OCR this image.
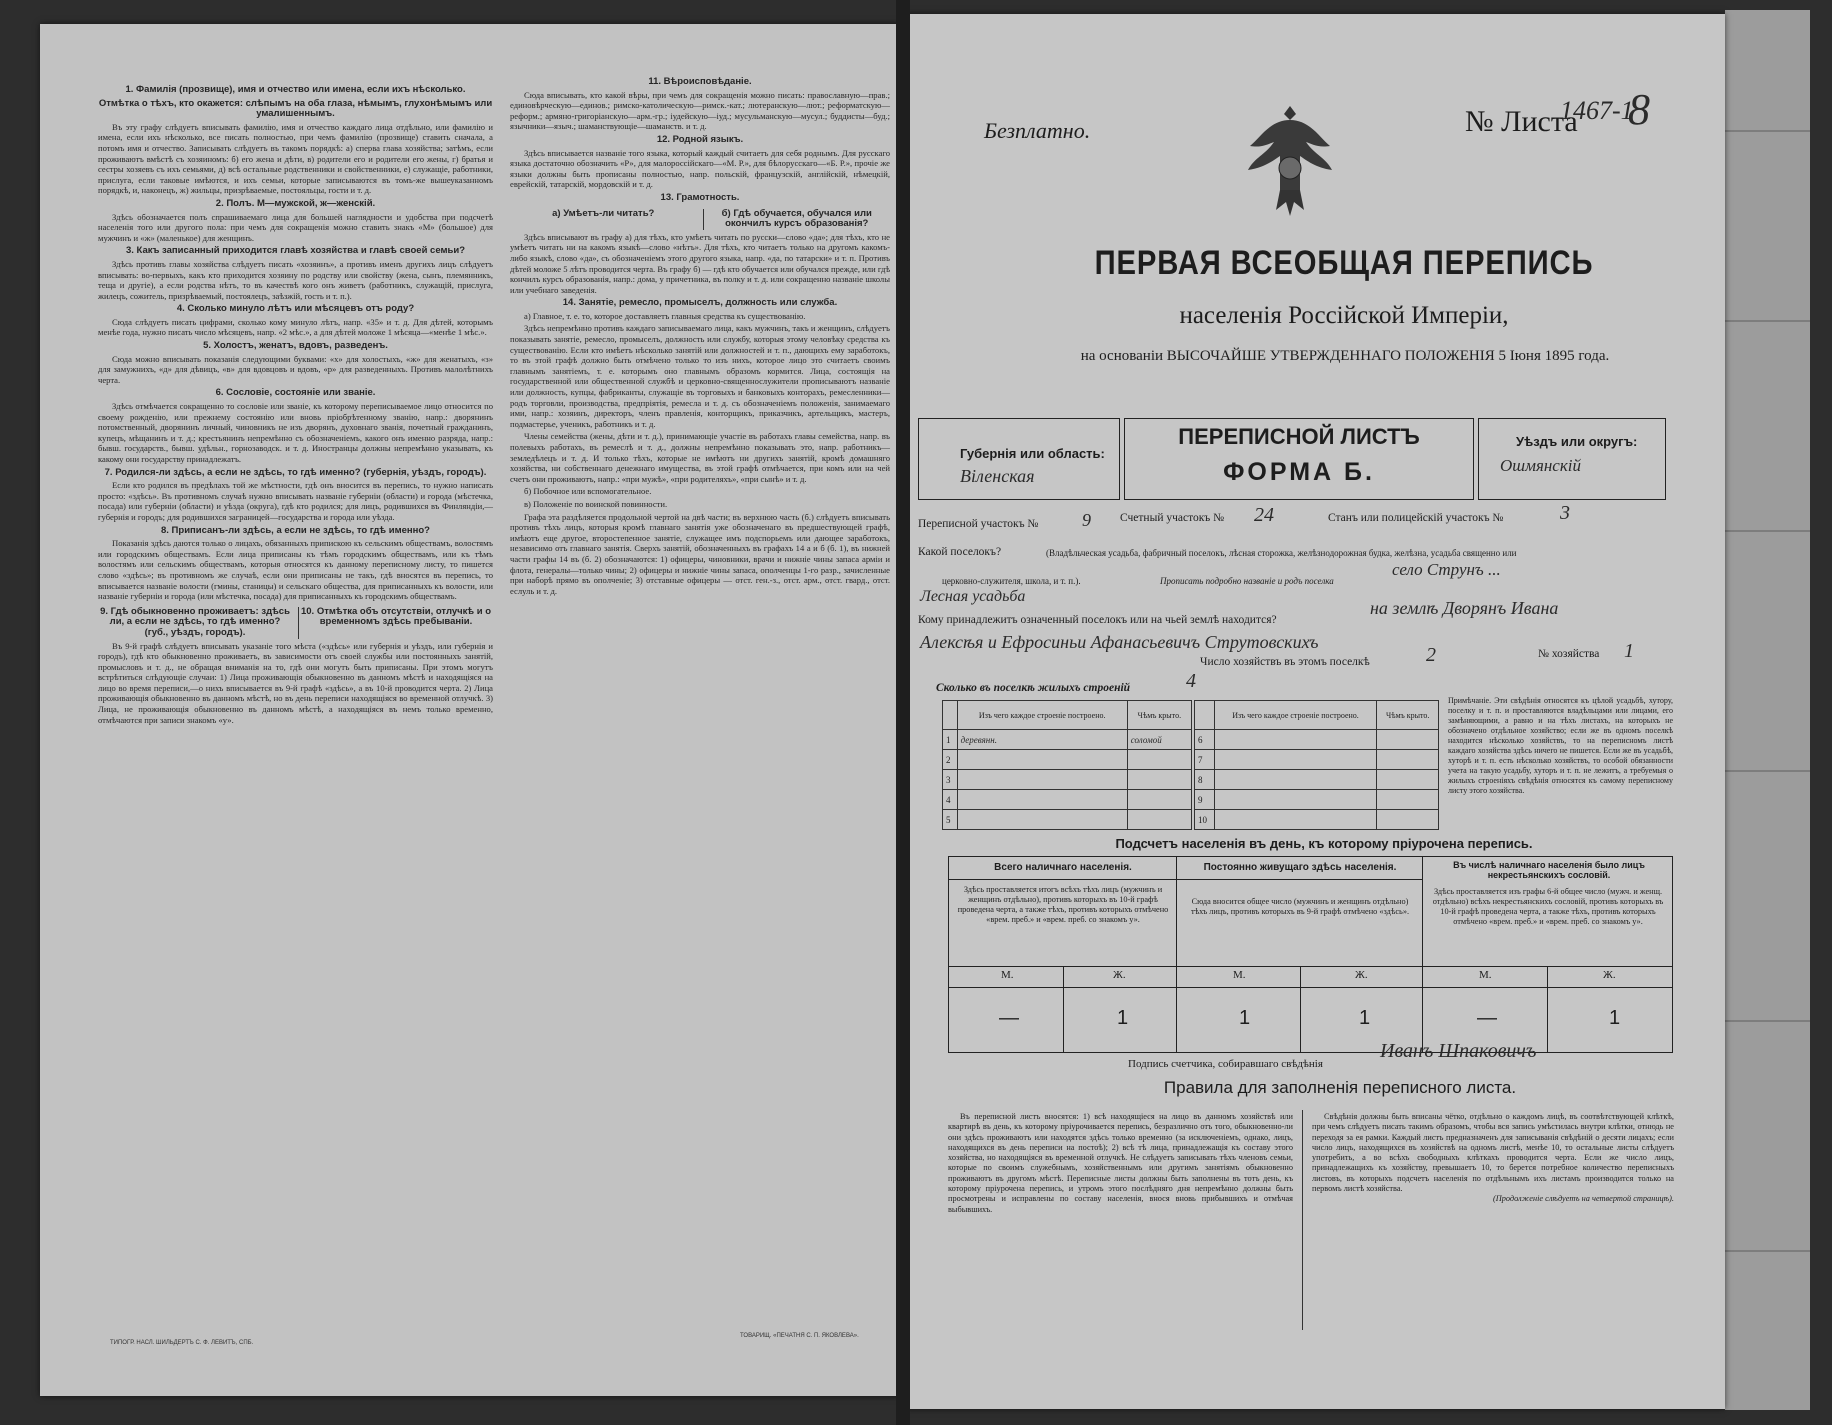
1. Фамилія (прозвище), имя и отчество или имена, если ихъ нѣсколько.
Отмѣтка о тѣхъ, кто окажется: слѣпымъ на оба глаза, нѣмымъ, глухонѣмымъ или умалишеннымъ.

Въ эту графу слѣдуетъ вписывать фамилію, имя и отчество каждаго лица отдѣльно, или фамилію и имена, если ихъ нѣсколько, все писать полностью, при чемъ фамилію (прозвище) ставить сначала, а потомъ имя и отчество. Записывать слѣдуетъ въ такомъ порядкѣ: а) сперва глава хозяйства; затѣмъ, если проживаютъ вмѣстѣ съ хозяиномъ: б) его жена и дѣти, в) родители его и родители его жены, г) братья и сестры хозяевъ съ ихъ семьями, д) всѣ остальные родственники и свойственники, е) служащіе, работники, прислуга, если таковые имѣются, и ихъ семьи, которые записываются въ томъ-же вышеуказанномъ порядкѣ, и, наконецъ, ж) жильцы, призрѣваемые, постояльцы, гости и т. д.

2. Полъ. М—мужской, ж—женскій.

Здѣсь обозначается полъ спрашиваемаго лица для большей наглядности и удобства при подсчетѣ населенія того или другого пола: при чемъ для сокращенія можно ставить знакъ «М» (большое) для мужчинъ и «ж» (маленькое) для женщинъ.

3. Какъ записанный приходится главѣ хозяйства и главѣ своей семьи?

Здѣсь противъ главы хозяйства слѣдуетъ писать «хозяинъ», а противъ именъ другихъ лицъ слѣдуетъ вписывать: во-первыхъ, какъ кто приходится хозяину по родству или свойству (жена, сынъ, племянникъ, теща и другіе), а если родства нѣтъ, то въ качествѣ кого онъ живетъ (работникъ, служащій, прислуга, жилецъ, сожитель, призрѣваемый, постоялецъ, заѣзжій, гость и т. п.).

4. Сколько минуло лѣтъ или мѣсяцевъ отъ роду?

Сюда слѣдуетъ писать цифрами, сколько кому минуло лѣтъ, напр. «35» и т. д. Для дѣтей, которымъ менѣе года, нужно писать число мѣсяцевъ, напр. «2 мѣс.», а для дѣтей моложе 1 мѣсяца—«менѣе 1 мѣс.».

5. Холостъ, женатъ, вдовъ, разведенъ.

Сюда можно вписывать показанія следующими буквами: «х» для холостыхъ, «ж» для женатыхъ, «з» для замужнихъ, «д» для дѣвицъ, «в» для вдовцовъ и вдовъ, «р» для разведенныхъ. Противъ малолѣтнихъ черта.

6. Сословіе, состояніе или званіе.

Здѣсь отмѣчается сокращенно то сословіе или званіе, къ которому переписываемое лицо относится по своему рожденію, или прежнему состоянію или вновь пріобрѣтенному званію, напр.: дворянинъ потомственный, дворянинъ личный, чиновникъ не изъ дворянъ, духовнаго званія, почетный гражданинъ, купецъ, мѣщанинъ и т. д.; крестьянинъ непремѣнно съ обозначеніемъ, какого онъ именно разряда, напр.: бывш. государств., бывш. удѣльн., горнозаводск. и т. д. Иностранцы должны непремѣнно указывать, къ какому они государству принадлежатъ.

7. Родился-ли здѣсь, а если не здѣсь, то гдѣ именно? (губернія, уѣздъ, городъ).

Если кто родился въ предѣлахъ той же мѣстности, гдѣ онъ вносится въ перепись, то нужно написать просто: «здѣсь». Въ противномъ случаѣ нужно вписывать названіе губерніи (области) и города (мѣстечка, посада) или губерніи (области) и уѣзда (округа), гдѣ кто родился; для лицъ, родившихся въ Финляндіи,—губернія и городъ; для родившихся заграницей—государства и города или уѣзда.

8. Приписанъ-ли здѣсь, а если не здѣсь, то гдѣ именно?

Показанія здѣсь даются только о лицахъ, обязанныхъ припискою къ сельскимъ обществамъ, волостямъ или городскимъ обществамъ. Если лица приписаны къ тѣмъ городскимъ обществамъ, или къ тѣмъ волостямъ или сельскимъ обществамъ, которыя относятся къ данному переписному листу, то пишется слово «здѣсь»; въ противномъ же случаѣ, если они приписаны не такъ, гдѣ вносятся въ перепись, то вписывается названіе волости (гмины, станицы) и сельскаго общества, для приписанныхъ къ волости, или названіе губерніи и города (или мѣстечка, посада) для приписанныхъ къ городскимъ обществамъ.

9. Гдѣ обыкновенно проживаетъ: здѣсь ли, а если не здѣсь, то гдѣ именно? (губ., уѣздъ, городъ).
10. Отмѣтка объ отсутствіи, отлучкѣ и о временномъ здѣсь пребываніи.

Въ 9-й графѣ слѣдуетъ вписывать указаніе того мѣста («здѣсь» или губернія и уѣздъ, или губернія и городъ), гдѣ кто обыкновенно проживаетъ, въ зависимости отъ своей службы или постоянныхъ занятій, промысловъ и т. д., не обращая вниманія на то, гдѣ они могутъ быть приписаны. При этомъ могутъ встрѣтиться слѣдующіе случаи: 1) Лица проживающія обыкновенно въ данномъ мѣстѣ и находящіяся на лицо во время переписи,—о нихъ вписывается въ 9-й графѣ «здѣсь», а въ 10-й проводится черта. 2) Лица проживающія обыкновенно въ данномъ мѣстѣ, но въ день переписи находящіяся во временной отлучкѣ. 3) Лица, не проживающія обыкновенно въ данномъ мѣстѣ, а находящіяся въ немъ только временно, отмѣчаются при записи знакомъ «у».

ТИПОГР. НАСЛ. ШИЛЬДЕРТЪ С. Ф. ЛЕВИТЪ, СПБ.
11. Вѣроисповѣданіе.

Сюда вписывать, кто какой вѣры, при чемъ для сокращенія можно писать: православную—прав.; единовѣрческую—единов.; римско-католическую—римск.-кат.; лютеранскую—лют.; реформатскую—реформ.; армяно-григоріанскую—арм.-гр.; іудейскую—іуд.; мусульманскую—мусул.; буддисты—буд.; язычники—языч.; шаманствующіе—шаманств. и т. д.

12. Родной языкъ.

Здѣсь вписывается названіе того языка, который каждый считаетъ для себя роднымъ. Для русскаго языка достаточно обозначить «Р», для малороссійскаго—«М. Р.», для бѣлорусскаго—«Б. Р.», прочіе же языки должны быть прописаны полностью, напр. польскій, французскій, англійскій, нѣмецкій, еврейскій, татарскій, мордовскій и т. д.

13. Грамотность.
а) Умѣетъ-ли читать?	б) Гдѣ обучается, обучался или окончилъ курсъ образованія?

Здѣсь вписывают въ графу а) для тѣхъ, кто умѣетъ читать по русски—слово «да»; для тѣхъ, кто не умѣетъ читать ни на какомъ языкѣ—слово «нѣтъ». Для тѣхъ, кто читаетъ только на другомъ какомъ-либо языкѣ, слово «да», съ обозначеніемъ этого другого языка, напр. «да, по татарски» и т. п. Противъ дѣтей моложе 5 лѣтъ проводится черта. Въ графу б) — гдѣ кто обучается или обучался прежде, или гдѣ кончилъ курсъ образованія, напр.: дома, у причетника, въ полку и т. д. или сокращенно названіе школы или учебнаго заведенія.

14. Занятіе, ремесло, промыселъ, должность или служба.

а) Главное, т. е. то, которое доставляетъ главныя средства къ существованію.

Здѣсь непремѣнно противъ каждаго записываемаго лица, какъ мужчинъ, такъ и женщинъ, слѣдуетъ показывать занятіе, ремесло, промыселъ, должность или службу, которыя этому человѣку средства къ существованію. Если кто имѣетъ нѣсколько занятій или должностей и т. п., дающихъ ему заработокъ, то въ этой графѣ должно быть отмѣчено только то изъ нихъ, которое лицо это считаетъ своимъ главнымъ занятіемъ, т. е. которымъ оно главнымъ образомъ кормится. Лица, состоящія на государственной или общественной службѣ и церковно-священнослужители прописываютъ названіе или должность, купцы, фабриканты, служащіе въ торговыхъ и банковыхъ конторахъ, ремесленники—родъ торговли, производства, предпріятія, ремесла и т. д. съ обозначеніемъ положенія, занимаемаго ими, напр.: хозяинъ, директоръ, членъ правленія, конторщикъ, приказчикъ, артельщикъ, мастеръ, подмастерье, ученикъ, работникъ и т. д.

Члены семейства (жены, дѣти и т. д.), принимающіе участіе въ работахъ главы семейства, напр. въ полевыхъ работахъ, въ ремеслѣ и т. д., должны непремѣнно показывать это, напр. работникъ—земледѣлецъ и т. д. И только тѣхъ, которые не имѣютъ ни другихъ занятій, кромѣ домашняго хозяйства, ни собственнаго денежнаго имущества, въ этой графѣ отмѣчается, при комъ или на чей счетъ они проживаютъ, напр.: «при мужѣ», «при родителяхъ», «при сынѣ» и т. д.

б) Побочное или вспомогательное.

в) Положеніе по воинской повинности.

Графа эта раздѣляется продольной чертой на двѣ части; въ верхнюю часть (б.) слѣдуетъ вписывать противъ тѣхъ лицъ, которыя кромѣ главнаго занятія уже обозначенаго въ предшествующей графѣ, имѣютъ еще другое, второстепенное занятіе, служащее имъ подспорьемъ или дающее заработокъ, независимо отъ главнаго занятія. Сверхъ занятій, обозначенныхъ въ графахъ 14 а и б (б. 1), въ нижней части графы 14 въ (б. 2) обозначаются: 1) офицеры, чиновники, врачи и нижніе чины запаса арміи и флота, генералы—только чины; 2) офицеры и нижніе чины запаса, ополченцы 1-го разр., зачисленные при наборѣ прямо въ ополченіе; 3) отставные офицеры — отст. ген.-з., отст. арм., отст. гвард., отст. еслуль и т. д.

ТОВАРИЩ. «ПЕЧАТНЯ С. П. ЯКОВЛЕВА».
Безплатно.	№ Листа
1467-1
8
ПЕРВАЯ ВСЕОБЩАЯ ПЕРЕПИСЬ
населенія Россійской Имперіи,
на основаніи ВЫСОЧАЙШЕ УТВЕРЖДЕННАГО ПОЛОЖЕНІЯ 5 Іюня 1895 года.
Губернія или область:
Віленская
ПЕРЕПИСНОЙ ЛИСТЪ
ФОРМА Б.
Уѣздъ или округъ:
Ошмянскій
Переписной участокъ № 9	Счетный участокъ № 24	Станъ или полицейскій участокъ №	3
Какой поселокъ?	(Владѣльческая усадьба, фабричный поселокъ, лѣсная сторожка, желѣзнодорожная будка, желѣзна, усадьба священно или
церковно-служителя, школа, и т. п.).	Прописать подробно названіе и родъ поселка
село Струнъ ...
Лесная усадьба
Кому принадлежитъ означенный поселокъ или на чьей землѣ находится?
на землѣ Дворянъ Ивана
Алексѣя и Ефросиньи Афанасьевичъ Струтовскихъ
Число хозяйствъ въ этомъ поселкѣ	2	№ хозяйства 1
Сколько въ поселкѣ жилыхъ строеній	4
	Изъ чего каждое строеніе построено.	Чѣмъ крыто.
1	деревянн.	соломой
2		
3		
4		
5		
	Изъ чего каждое строеніе построено.	Чѣмъ крыто.
6		
7		
8		
9		
10		
Примѣчаніе. Эти свѣдѣнія относятся къ цѣлой усадьбѣ, хутору, поселку и т. п. и проставляются владѣльцами или лицами, его замѣняющими, а равно и на тѣхъ листахъ, на которыхъ не обозначено отдѣльное хозяйство; если же въ одномъ поселкѣ находится нѣсколько хозяйствъ, то на переписномъ листѣ каждаго хозяйства здѣсь ничего не пишется. Если же въ усадьбѣ, хуторѣ и т. п. есть нѣсколько хозяйствъ, то особой обязанности учета на такую усадьбу, хуторъ и т. п. не лежитъ, а требуемыя о жилыхъ строеніяхъ свѣдѣнія относятся къ самому переписному листу этого хозяйства.
Подсчетъ населенія въ день, къ которому пріурочена перепись.
Всего наличнаго населенія.	Постоянно живущаго здѣсь населенія.	Въ числѣ наличнаго населенія было лицъ некрестьянскихъ сословій.
Здѣсь проставляется итогъ всѣхъ тѣхъ лицъ (мужчинъ и женщинъ отдѣльно), противъ которыхъ въ 10-й графѣ проведена черта, а также тѣхъ, противъ которыхъ отмѣчено «врем. преб.» и «врем. преб. со знакомъ у».
Сюда вносится общее число (мужчинъ и женщинъ отдѣльно) тѣхъ лицъ, противъ которыхъ въ 9-й графѣ отмѣчено «здѣсь».
Здѣсь проставляется изъ графы 6-й общее число (мужч. и женщ. отдѣльно) всѣхъ некрестьянскихъ сословій, противъ которыхъ въ 10-й графѣ проведена черта, а также тѣхъ, противъ которыхъ отмѣчено «врем. преб.» и «врем. преб. со знакомъ у».
М.	Ж.	М.	Ж.	М.	Ж.
—	1	1	1	—	1
Подпись счетчика, собиравшаго свѣдѣнія
Иванъ Шпаковичъ
Правила для заполненія переписного листа.

Въ переписной листъ вносятся: 1) всѣ находящіеся на лицо въ данномъ хозяйствѣ или квартирѣ въ день, къ которому пріурочивается перепись, безразлично отъ того, обыкновенно-ли они здѣсь проживаютъ или находятся здѣсь только временно (за исключеніемъ, однако, лицъ, находящихся въ день переписи на постоѣ); 2) всѣ тѣ лица, принадлежащія къ составу этого хозяйства, но находящіяся въ временной отлучкѣ. Не слѣдуетъ записывать тѣхъ членовъ семьи, которые по своимъ служебнымъ, хозяйственнымъ или другимъ занятіямъ обыкновенно проживаютъ въ другомъ мѣстѣ. Переписные листы должны быть заполнены въ тотъ день, къ которому пріурочена перепись, и утромъ этого послѣдняго дня непремѣнно должны быть просмотрены и исправлены по составу населенія, внося вновь прибывшихъ и отмѣчая выбывшихъ.

Свѣдѣнія должны быть вписаны чётко, отдѣльно о каждомъ лицѣ, въ соотвѣтствующей клѣткѣ, при чемъ слѣдуетъ писать такимъ образомъ, чтобы вся запись умѣстилась внутри клѣтки, отнюдь не переходя за ея рамки. Каждый листъ предназначенъ для записыванія свѣдѣній о десяти лицахъ; если число лицъ, находящихся въ хозяйствѣ на одномъ листѣ, менѣе 10, то остальные листы слѣдуетъ употребить, а во всѣхъ свободныхъ клѣткахъ проводится черта. Если же число лицъ, принадлежащихъ къ хозяйству, превышаетъ 10, то берется потребное количество переписныхъ листовъ, въ которыхъ подсчетъ населенія по отдѣльнымъ ихъ листамъ производится только на первомъ листѣ хозяйства.

(Продолженіе слѣдуетъ на четвертой страницѣ).
